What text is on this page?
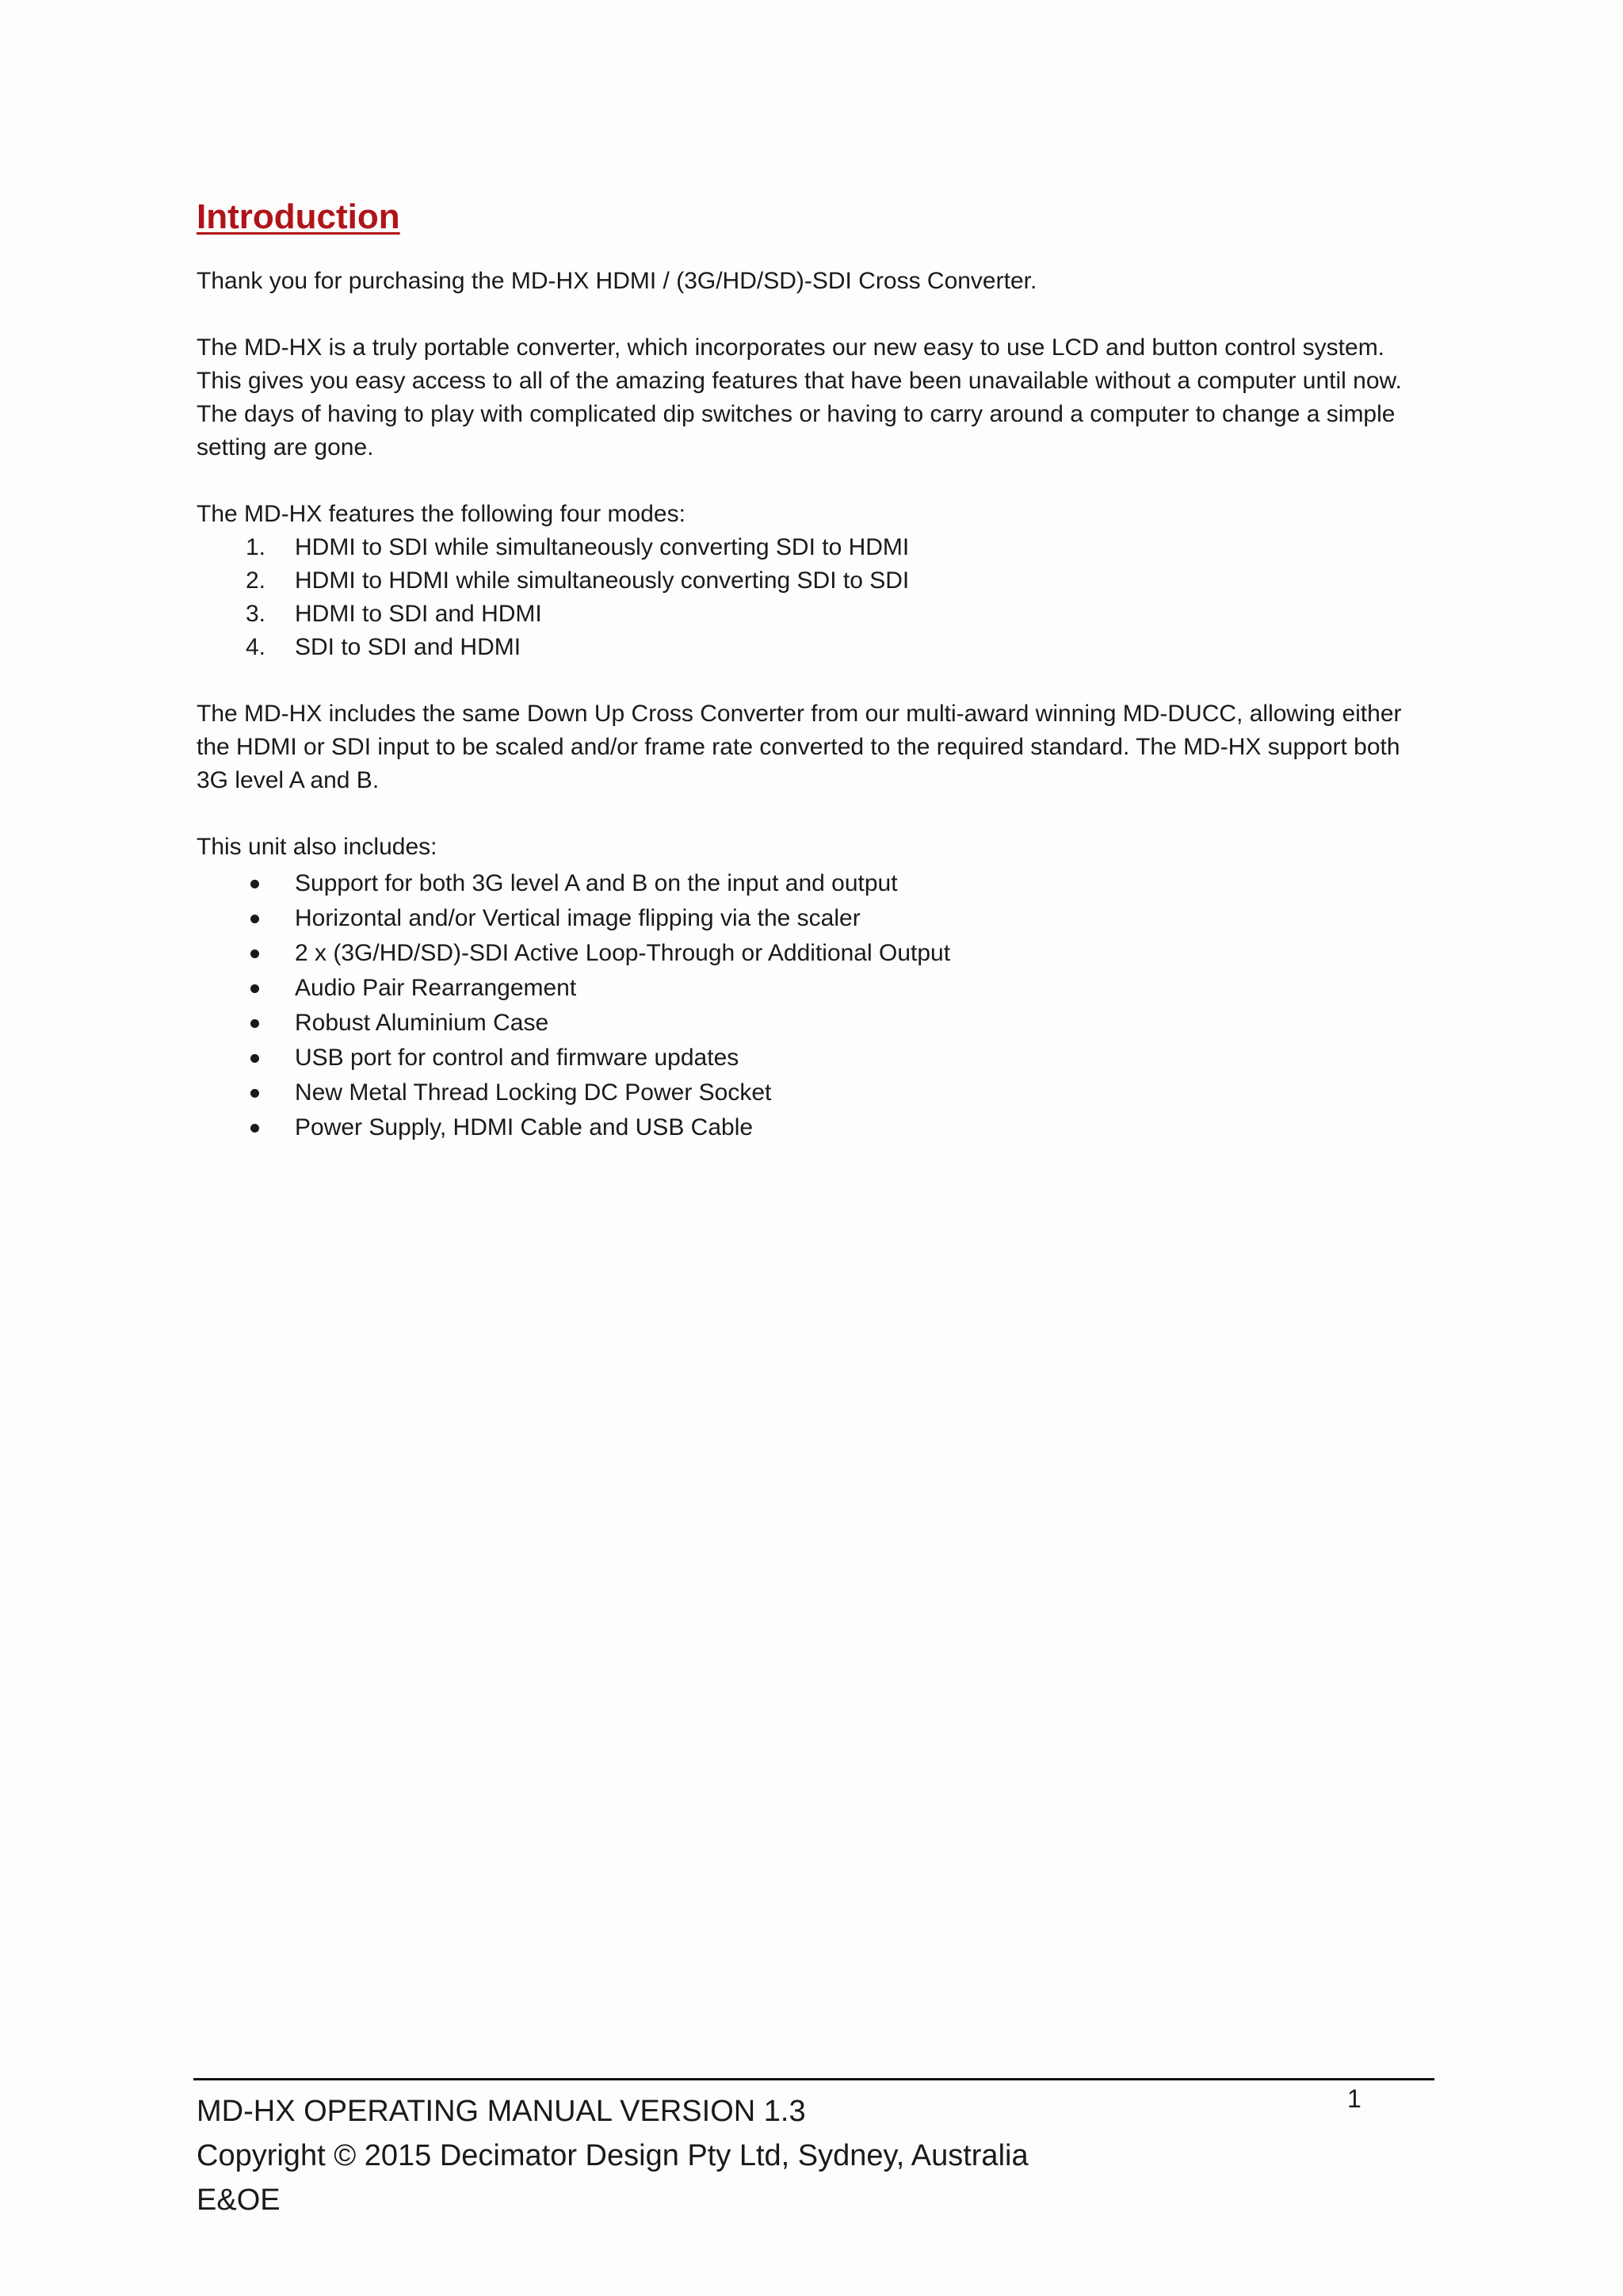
Introduction

Thank you for purchasing the MD-HX HDMI / (3G/HD/SD)-SDI Cross Converter.

The MD-HX is a truly portable converter, which incorporates our new easy to use LCD and button control system. This gives you easy access to all of the amazing features that have been unavailable without a computer until now. The days of having to play with complicated dip switches or having to carry around a computer to change a simple setting are gone.

The MD-HX features the following four modes:

1. HDMI to SDI while simultaneously converting SDI to HDMI
2. HDMI to HDMI while simultaneously converting SDI to SDI
3. HDMI to SDI and HDMI
4. SDI to SDI and HDMI

The MD-HX includes the same Down Up Cross Converter from our multi-award winning MD-DUCC, allowing either the HDMI or SDI input to be scaled and/or frame rate converted to the required standard. The MD-HX support both 3G level A and B.

This unit also includes:

Support for both 3G level A and B on the input and output
Horizontal and/or Vertical image flipping via the scaler
2 x (3G/HD/SD)-SDI Active Loop-Through or Additional Output
Audio Pair Rearrangement
Robust Aluminium Case
USB port for control and firmware updates
New Metal Thread Locking DC Power Socket
Power Supply, HDMI Cable and USB Cable
MD-HX OPERATING MANUAL VERSION 1.3
Copyright © 2015 Decimator Design Pty Ltd, Sydney, Australia
E&OE
1
